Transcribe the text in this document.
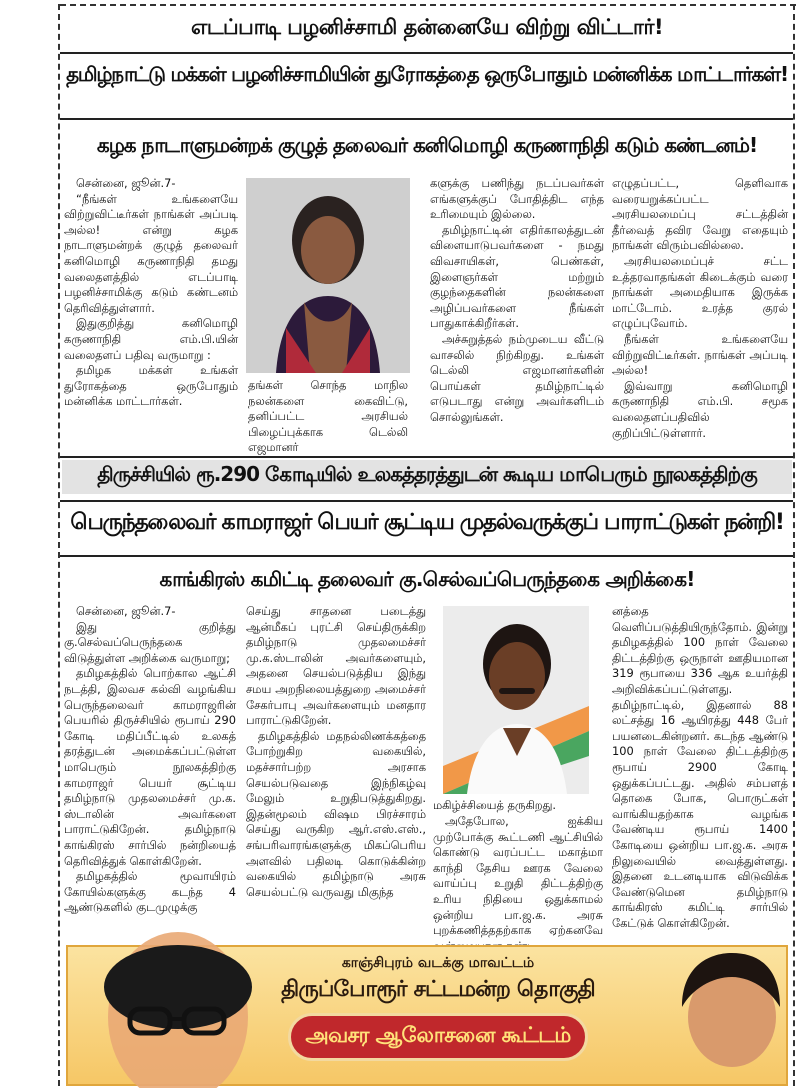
எடப்பாடி பழனிச்சாமி தன்னையே விற்று விட்டார்!
தமிழ்நாட்டு மக்கள் பழனிச்சாமியின் துரோகத்தை ஒருபோதும் மன்னிக்க மாட்டார்கள்!
கழக நாடாளுமன்றக் குழுத் தலைவர் கனிமொழி கருணாநிதி கடும் கண்டனம்!

சென்னை, ஜூன்.7-

“நீங்கள் உங்களையே விற்றுவிட்டீர்கள் நாங்கள் அப்படி அல்ல! என்று கழக நாடாளுமன்றக் குழுத் தலைவர் கனிமொழி கருணாநிதி தமது வலைதளத்தில் எடப்பாடி பழனிச்சாமிக்கு கடும் கண்டனம் தெரிவித்துள்ளார்.

இதுகுறித்து கனிமொழி கருணாநிதி எம்.பி.யின் வலைதளப் பதிவு வருமாறு :

தமிழக மக்கள் உங்கள் துரோகத்தை ஒருபோதும் மன்னிக்க மாட்டார்கள்.

தங்கள் சொந்த மாநில நலன்களை கைவிட்டு, தனிப்பட்ட அரசியல் பிழைப்புக்காக டெல்லி எஜமானர்

களுக்கு பணிந்து நடப்பவர்கள் எங்களுக்குப் போதித்திட எந்த உரிமையும் இல்லை.

தமிழ்நாட்டின் எதிர்காலத்துடன் விளையாடுபவர்களை - நமது விவசாயிகள், பெண்கள், இளைஞர்கள் மற்றும் குழந்தைகளின் நலன்களை அழிப்பவர்களை நீங்கள் பாதுகாக்கிறீர்கள்.

அச்சுறுத்தல் நம்முடைய வீட்டு வாசலில் நிற்கிறது. உங்கள் டெல்லி எஜமானர்களின் பொய்கள் தமிழ்நாட்டில் எடுபடாது என்று அவர்களிடம் சொல்லுங்கள்.

எழுதப்பட்ட, தெளிவாக வரையறுக்கப்பட்ட அரசியலமைப்பு சட்டத்தின் தீர்வைத் தவிர வேறு எதையும் நாங்கள் விரும்பவில்லை.

அரசியலமைப்புச் சட்ட உத்தரவாதங்கள் கிடைக்கும் வரை நாங்கள் அமைதியாக இருக்க மாட்டோம். உரத்த குரல் எழுப்புவோம்.

நீங்கள் உங்களையே விற்றுவிட்டீர்கள். நாங்கள் அப்படி அல்ல!

இவ்வாறு கனிமொழி கருணாநிதி எம்.பி. சமூக வலைதளப்பதிவில் குறிப்பிட்டுள்ளார்.

திருச்சியில் ரூ.290 கோடியில் உலகத்தரத்துடன் கூடிய மாபெரும் நூலகத்திற்கு
பெருந்தலைவர் காமராஜர் பெயர் சூட்டிய முதல்வருக்குப் பாராட்டுகள் நன்றி!
காங்கிரஸ் கமிட்டி தலைவர் கு.செல்வப்பெருந்தகை அறிக்கை!

சென்னை, ஜூன்.7-

இது குறித்து கு.செல்வப்பெருந்தகை விடுத்துள்ள அறிக்கை வருமாறு;

தமிழகத்தில் பொற்கால ஆட்சி நடத்தி, இலவச கல்வி வழங்கிய பெருந்தலைவர் காமராஜரின் பெயரில் திருச்சியில் ரூபாய் 290 கோடி மதிப்பீட்டில் உலகத் தரத்துடன் அமைக்கப்பட்டுள்ள மாபெரும் நூலகத்திற்கு காமராஜர் பெயர் சூட்டிய தமிழ்நாடு முதலமைச்சர் மு.க. ஸ்டாலின் அவர்களை பாராட்டுகிறேன். தமிழ்நாடு காங்கிரஸ் சார்பில் நன்றியைத் தெரிவித்துக் கொள்கிறேன்.

தமிழகத்தில் மூவாயிரம் கோயில்களுக்கு கடந்த 4 ஆண்டுகளில் குடமுழுக்கு

செய்து சாதனை படைத்து ஆன்மீகப் புரட்சி செய்திருக்கிற தமிழ்நாடு முதலமைச்சர் மு.க.ஸ்டாலின் அவர்களையும், அதனை செயல்படுத்திய இந்து சமய அறநிலையத்துறை அமைச்சர் சேகர்பாபு அவர்களையும் மனதார பாராட்டுகிறேன்.

தமிழகத்தில் மதநல்லிணக்கத்தை போற்றுகிற வகையில், மதச்சார்பற்ற அரசாக செயல்படுவதை இந்நிகழ்வு மேலும் உறுதிபடுத்துகிறது. இதன்மூலம் விஷம பிரச்சாரம் செய்து வருகிற ஆர்.எஸ்.எஸ்., சங்பரிவாரங்களுக்கு மிகப்பெரிய அளவில் பதிலடி கொடுக்கின்ற வகையில் தமிழ்நாடு அரசு செயல்பட்டு வருவது மிகுந்த

மகிழ்ச்சியைத் தருகிறது.

அதேபோல, ஐக்கிய முற்போக்கு கூட்டணி ஆட்சியில் கொண்டு வரப்பட்ட மகாத்மா காந்தி தேசிய ஊரக வேலை வாய்ப்பு உறுதி திட்டத்திற்கு உரிய நிதியை ஒதுக்காமல் ஒன்றிய பா.ஜ.க. அரசு புறக்கணித்ததற்காக ஏற்கனவே

னத்தை வெளிப்படுத்தியிருந்தோம். இன்று தமிழகத்தில் 100 நாள் வேலை திட்டத்திற்கு ஒருநாள் ஊதியமான 319 ரூபாயை 336 ஆக உயர்த்தி அறிவிக்கப்பட்டுள்ளது. தமிழ்நாட்டில், இதனால் 88 லட்சத்து 16 ஆயிரத்து 448 பேர் பயனடைகின்றனர். கடந்த ஆண்டு 100 நாள் வேலை திட்டத்திற்கு ரூபாய் 2900 கோடி ஒதுக்கப்பட்டது. அதில் சம்பளத் தொகை போக, பொருட்கள் வாங்கியதற்காக வழங்க வேண்டிய ரூபாய் 1400 கோடியை ஒன்றிய பா.ஜ.க. அரசு நிலுவையில் வைத்துள்ளது. இதனை உடனடியாக விடுவிக்க வேண்டுமென தமிழ்நாடு காங்கிரஸ் கமிட்டி சார்பில் கேட்டுக் கொள்கிறேன்.

காஞ்சிபுரம் வடக்கு மாவட்டம்
திருப்போரூர் சட்டமன்ற தொகுதி
அவசர ஆலோசனை கூட்டம்
